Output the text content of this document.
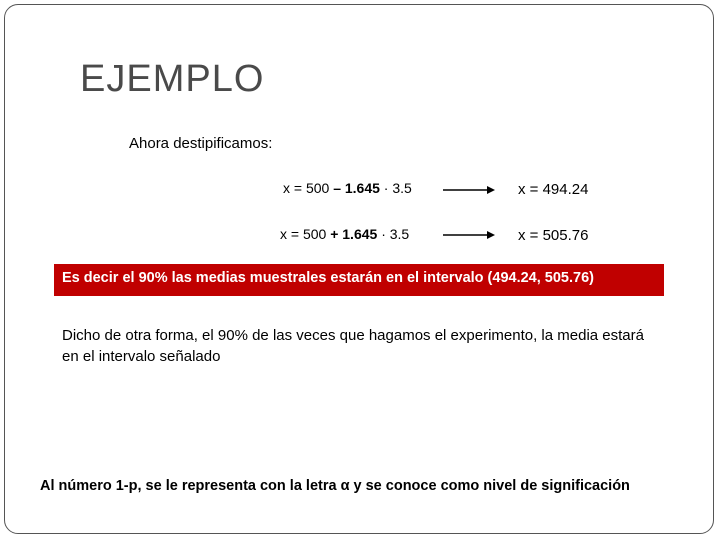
EJEMPLO
Ahora destipificamos:
x = 500 – 1.645 · 3.5	x = 494.24
x = 500 + 1.645 · 3.5	x = 505.76
Es decir el 90% las medias muestrales estarán en el intervalo (494.24, 505.76)
Dicho de otra forma, el 90% de las veces que hagamos el experimento, la media estará en el intervalo señalado
Al número 1-p, se le representa con la letra α y se conoce como nivel de significación
